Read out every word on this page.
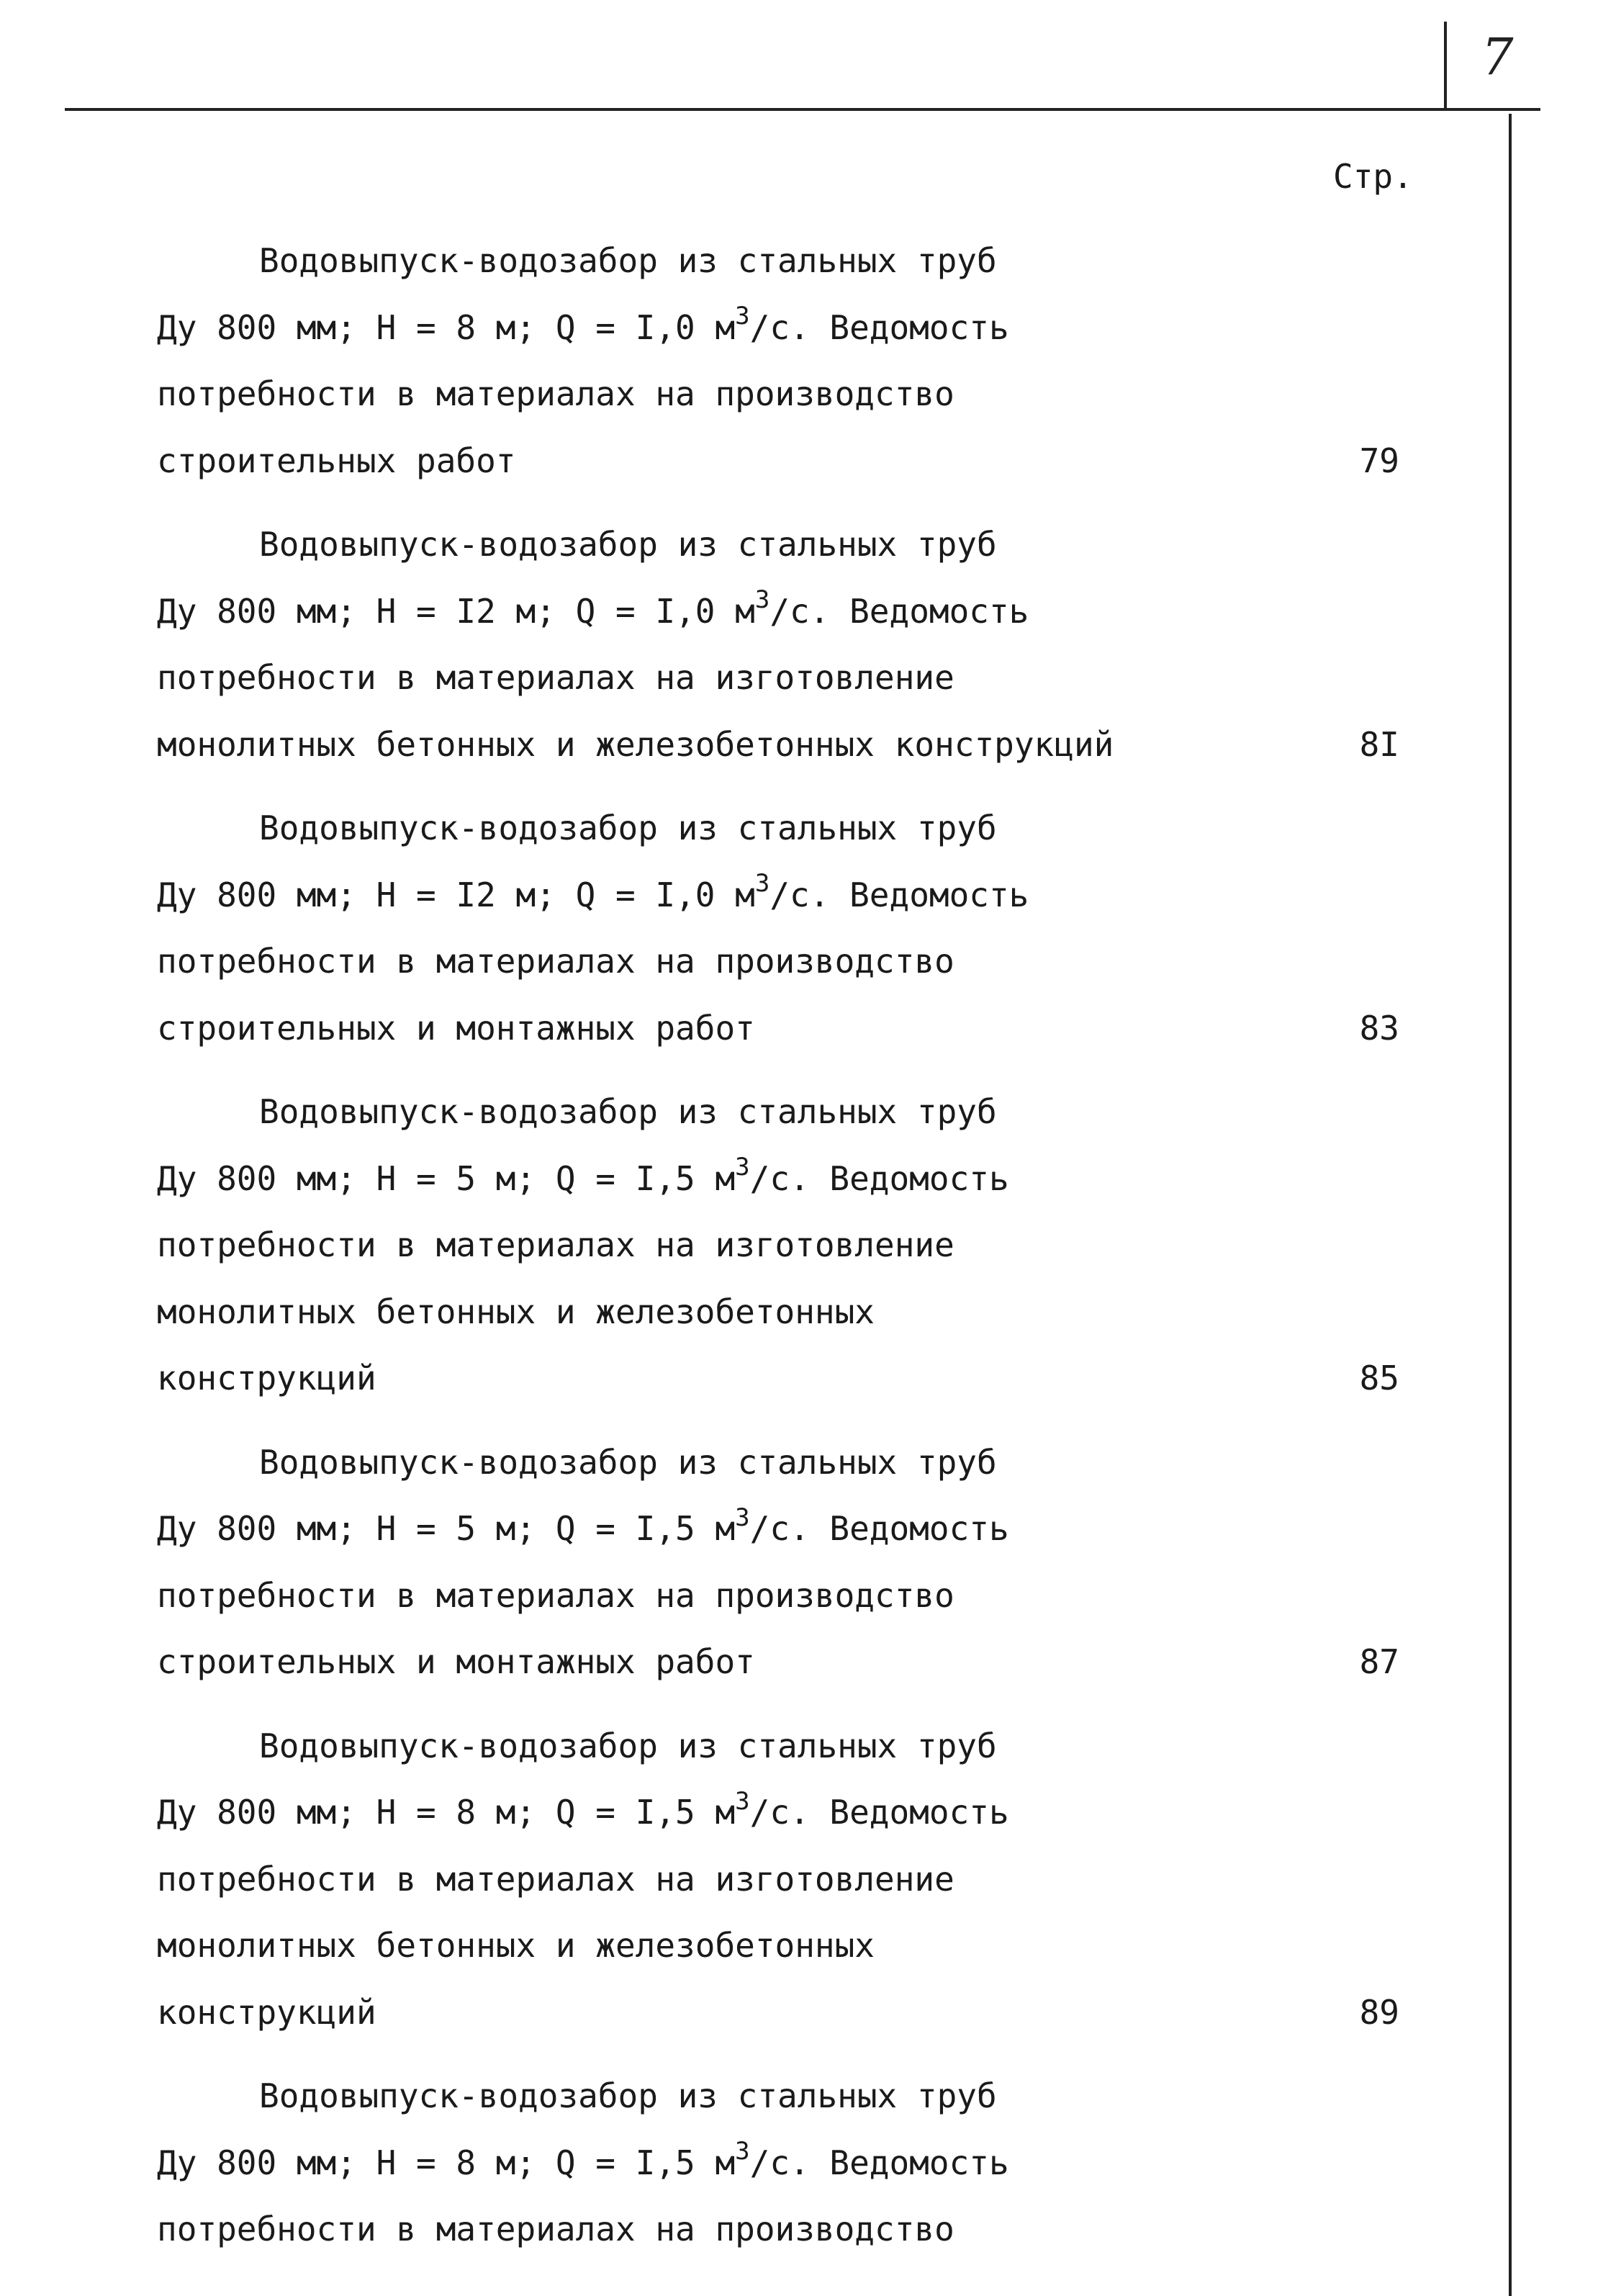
7
Стр.
Водовыпуск-водозабор из стальных труб
Ду 800 мм; Н = 8 м; Q = I,0 $м^3/с$. Ведомость
потребности в материалах на производство
строительных работ	79
Водовыпуск-водозабор из стальных труб
Ду 800 мм; Н = I2 м; Q = I,0 $м^3/с$. Ведомость
потребности в материалах на изготовление
монолитных бетонных и железобетонных конструкций	8I
Водовыпуск-водозабор из стальных труб
Ду 800 мм; Н = I2 м; Q = I,0 $м^3/с$. Ведомость
потребности в материалах на производство
строительных и монтажных работ	83
Водовыпуск-водозабор из стальных труб
Ду 800 мм; Н = 5 м; Q = I,5 $м^3/с$. Ведомость
потребности в материалах на изготовление
монолитных бетонных и железобетонных
конструкций	85
Водовыпуск-водозабор из стальных труб
Ду 800 мм; Н = 5 м; Q = I,5 $м^3/с$. Ведомость
потребности в материалах на производство
строительных и монтажных работ	87
Водовыпуск-водозабор из стальных труб
Ду 800 мм; Н = 8 м; Q = I,5 $м^3/с$. Ведомость
потребности в материалах на изготовление
монолитных бетонных и железобетонных
конструкций	89
Водовыпуск-водозабор из стальных труб
Ду 800 мм; Н = 8 м; Q = I,5 $м^3/с$. Ведомость
потребности в материалах на производство
